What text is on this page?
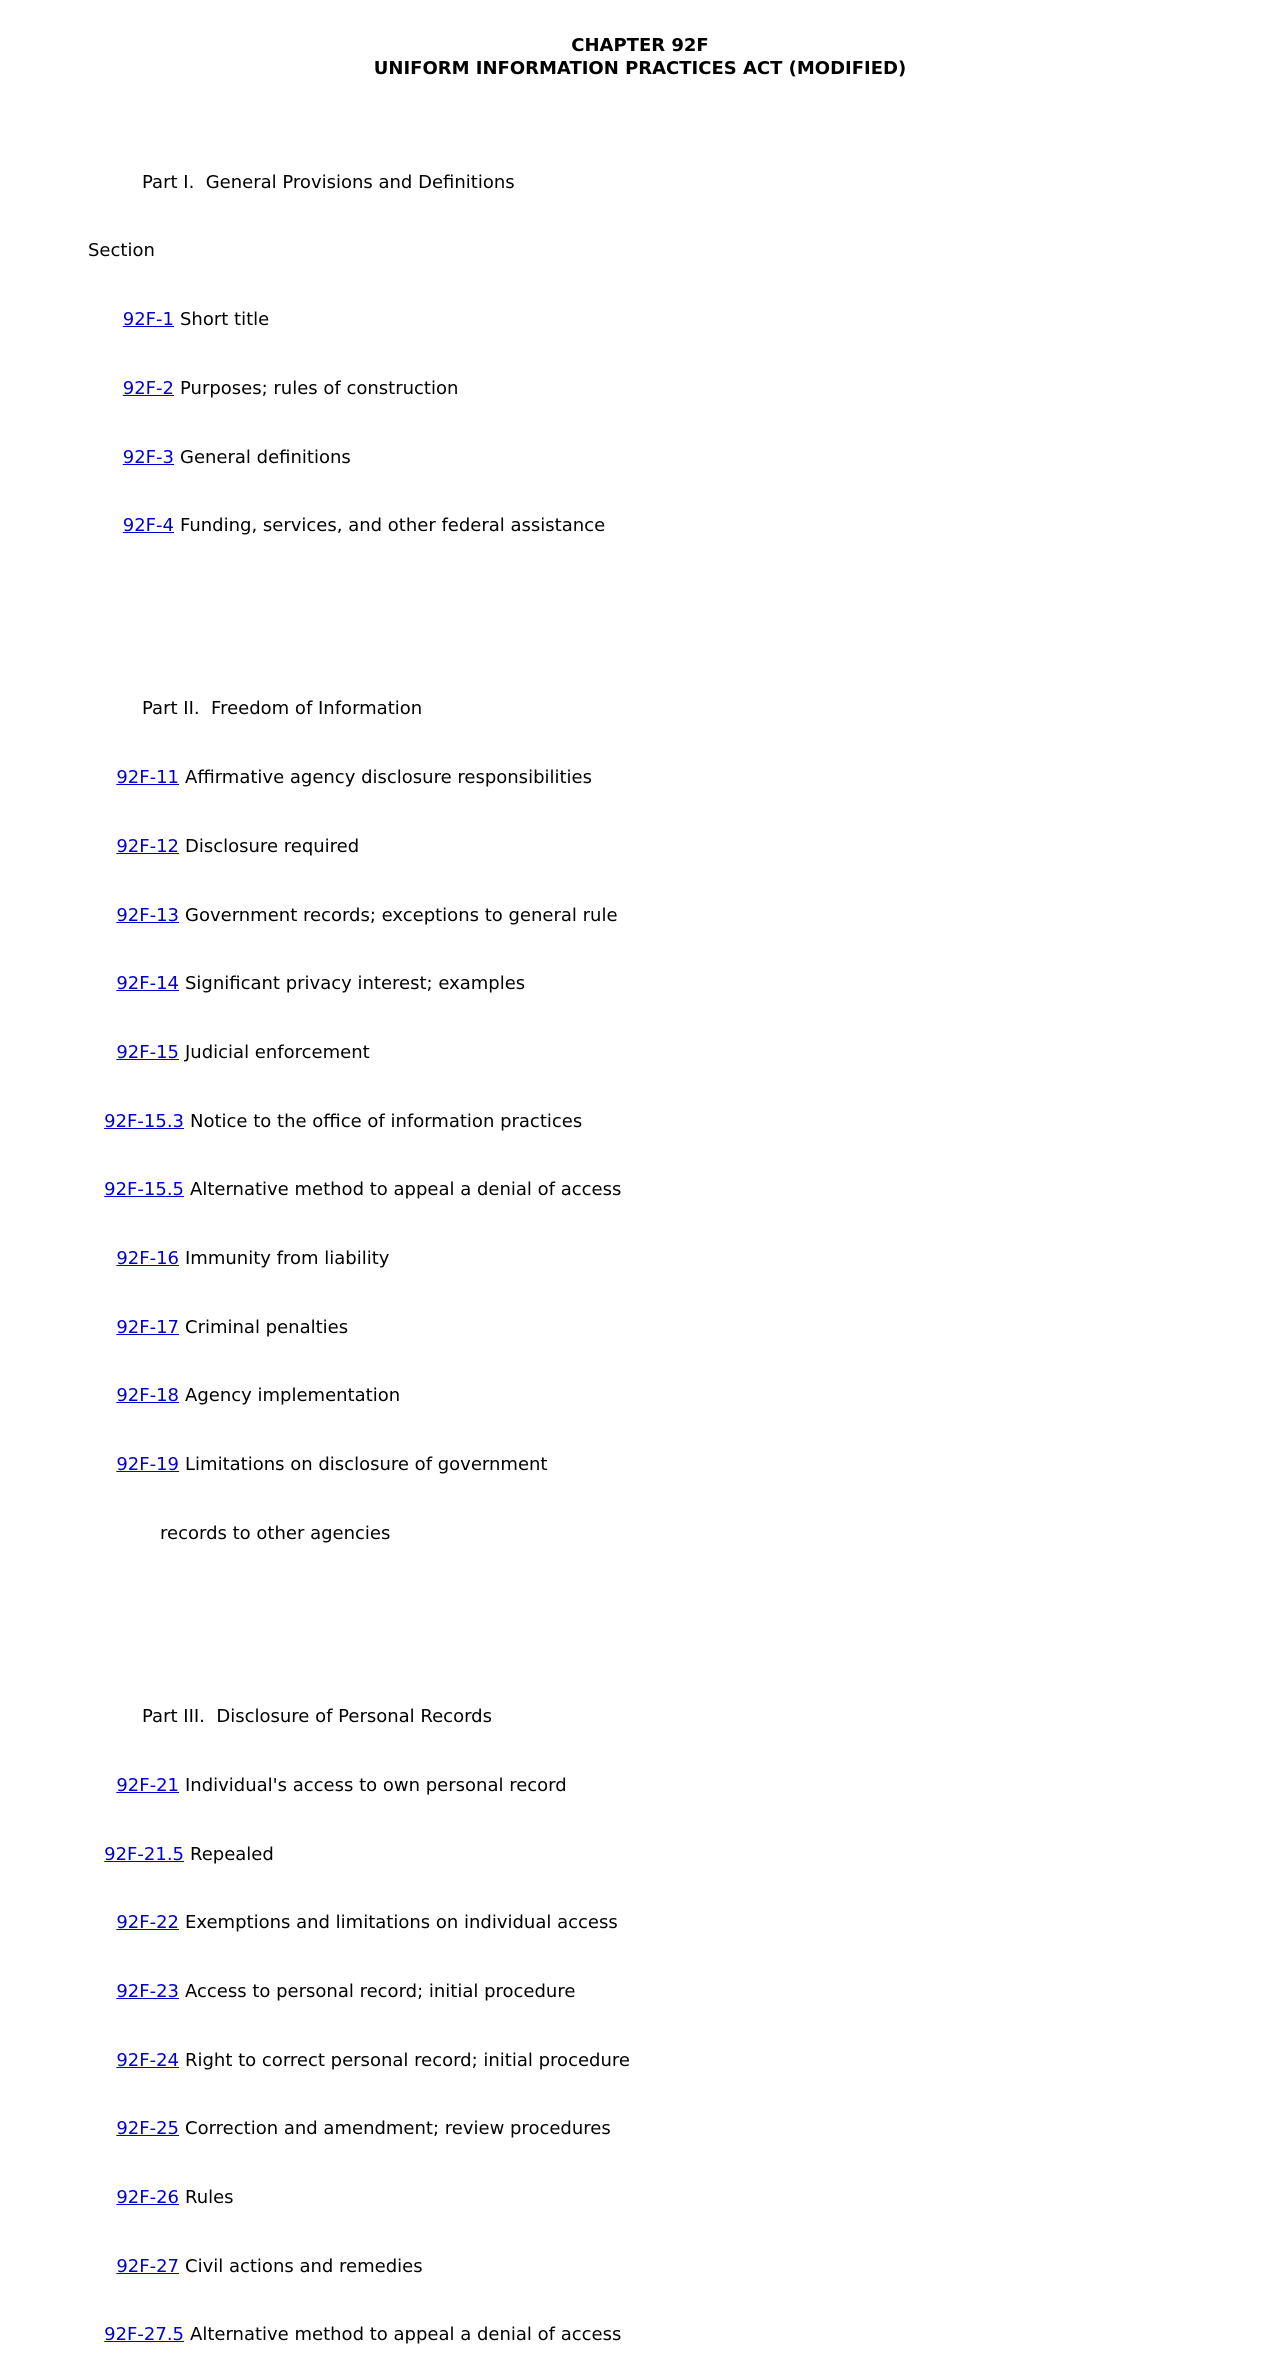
CHAPTER 92F
UNIFORM INFORMATION PRACTICES ACT (MODIFIED)

Part I.  General Provisions and Definitions

Section

92F-1 Short title

92F-2 Purposes; rules of construction

92F-3 General definitions

92F-4 Funding, services, and other federal assistance

Part II.  Freedom of Information

92F-11 Affirmative agency disclosure responsibilities

92F-12 Disclosure required

92F-13 Government records; exceptions to general rule

92F-14 Significant privacy interest; examples

92F-15 Judicial enforcement

92F-15.3 Notice to the office of information practices

92F-15.5 Alternative method to appeal a denial of access

92F-16 Immunity from liability

92F-17 Criminal penalties

92F-18 Agency implementation

92F-19 Limitations on disclosure of government

records to other agencies

Part III.  Disclosure of Personal Records

92F-21 Individual's access to own personal record

92F-21.5 Repealed

92F-22 Exemptions and limitations on individual access

92F-23 Access to personal record; initial procedure

92F-24 Right to correct personal record; initial procedure

92F-25 Correction and amendment; review procedures

92F-26 Rules

92F-27 Civil actions and remedies

92F-27.5 Alternative method to appeal a denial of access
